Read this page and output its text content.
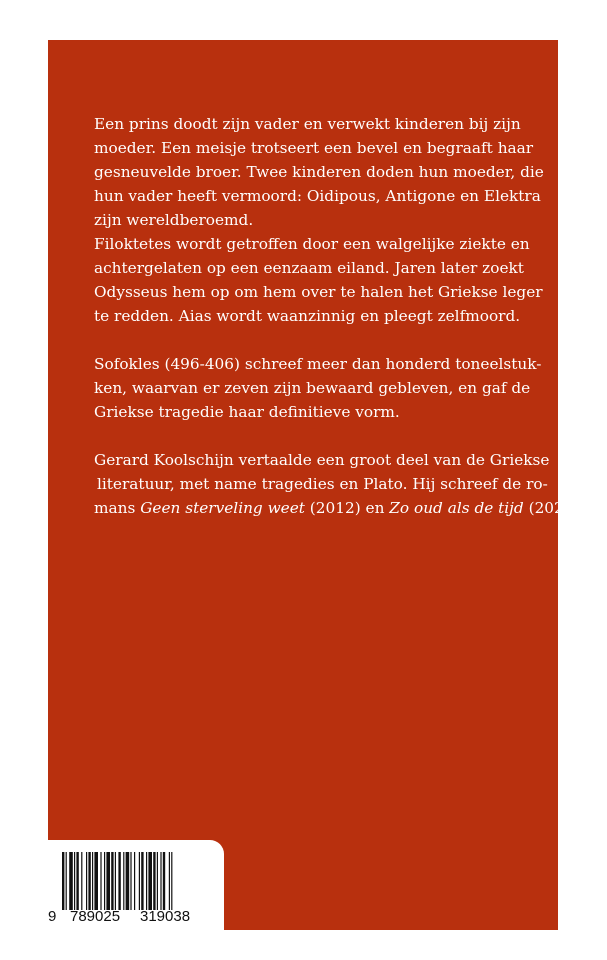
Een prins doodt zijn vader en verwekt kinderen bij zijn
moeder. Een meisje trotseert een bevel en begraaft haar
gesneuvelde broer. Twee kinderen doden hun moeder, die
hun vader heeft vermoord: Oidipous, Antigone en Elektra
zijn wereldberoemd.
Filoktetes wordt getroffen door een walgelijke ziekte en
achtergelaten op een eenzaam eiland. Jaren later zoekt
Odysseus hem op om hem over te halen het Griekse leger
te redden. Aias wordt waanzinnig en pleegt zelfmoord.
Sofokles (496-406) schreef meer dan honderd toneelstuk-
ken, waarvan er zeven zijn bewaard gebleven, en gaf de
Griekse tragedie haar definitieve vorm.
Gerard Koolschijn vertaalde een groot deel van de Griekse
literatuur, met name tragedies en Plato. Hij schreef de ro-
mans Geen sterveling weet (2012) en Zo oud als de tijd (2024).
9 789025 319038
